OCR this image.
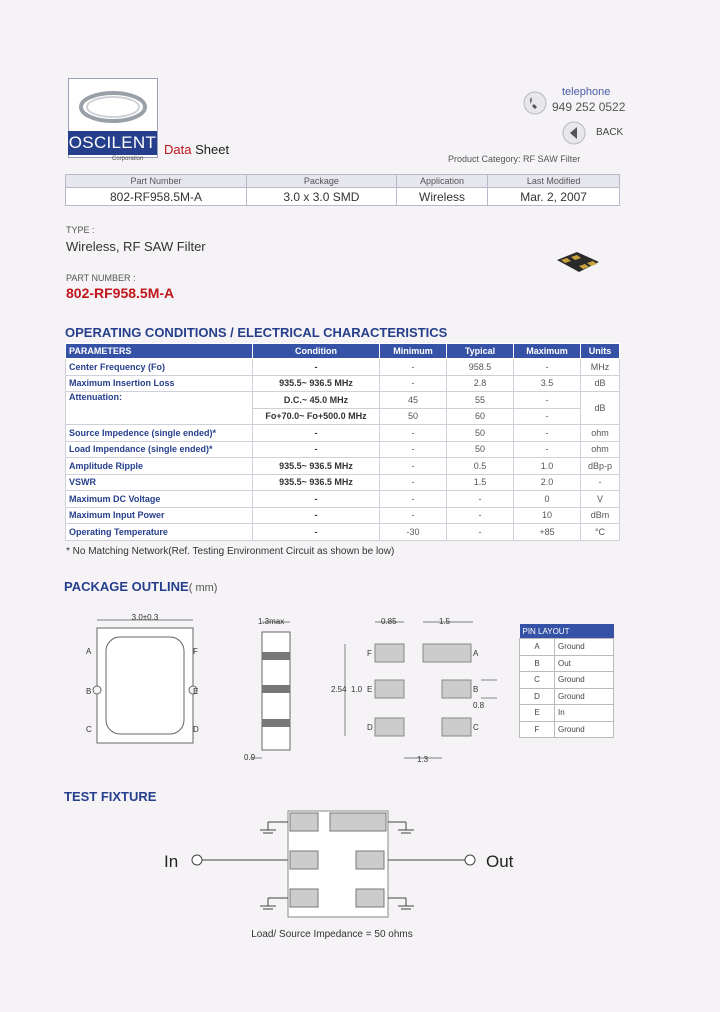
OSCILENT
Corporation
Data Sheet
telephone
949 252 0522
BACK
Product Category: RF SAW Filter
Part Number	Package	Application	Last Modified
802-RF958.5M-A	3.0 x 3.0 SMD	Wireless	Mar. 2, 2007
TYPE :
Wireless, RF SAW Filter
PART NUMBER :
802-RF958.5M-A
OPERATING CONDITIONS / ELECTRICAL CHARACTERISTICS
PARAMETERS	Condition	Minimum	Typical	Maximum	Units
Center Frequency (Fo)	-	-	958.5	-	MHz
Maximum Insertion Loss	935.5~ 936.5 MHz	-	2.8	3.5	dB
Attenuation:	D.C.~ 45.0 MHz	45	55	-	dB
	Fo+70.0~ Fo+500.0 MHz	50	60	-	
Source Impedence (single ended)*	-	-	50	-	ohm
Load Impendance (single ended)*	-	-	50	-	ohm
Amplitude Ripple	935.5~ 936.5 MHz	-	0.5	1.0	dBp-p
VSWR	935.5~ 936.5 MHz	-	1.5	2.0	-
Maximum DC Voltage	-	-	-	0	V
Maximum Input Power	-	-	-	10	dBm
Operating Temperature	-	-30	-	+85	°C
* No Matching Network(Ref. Testing Environment Circuit as shown be low)
PACKAGE OUTLINE( mm)
3.0±0.3
A
B
C
F
E
D
1.3max
0.9
0.85	1.5
2.54 1.0
F
E
D
A
B
C
0.8
1.3
PIN LAYOUT	
A	Ground
B	Out
C	Ground
D	Ground
E	In
F	Ground
TEST FIXTURE
In	Out
Load/ Source Impedance = 50 ohms
